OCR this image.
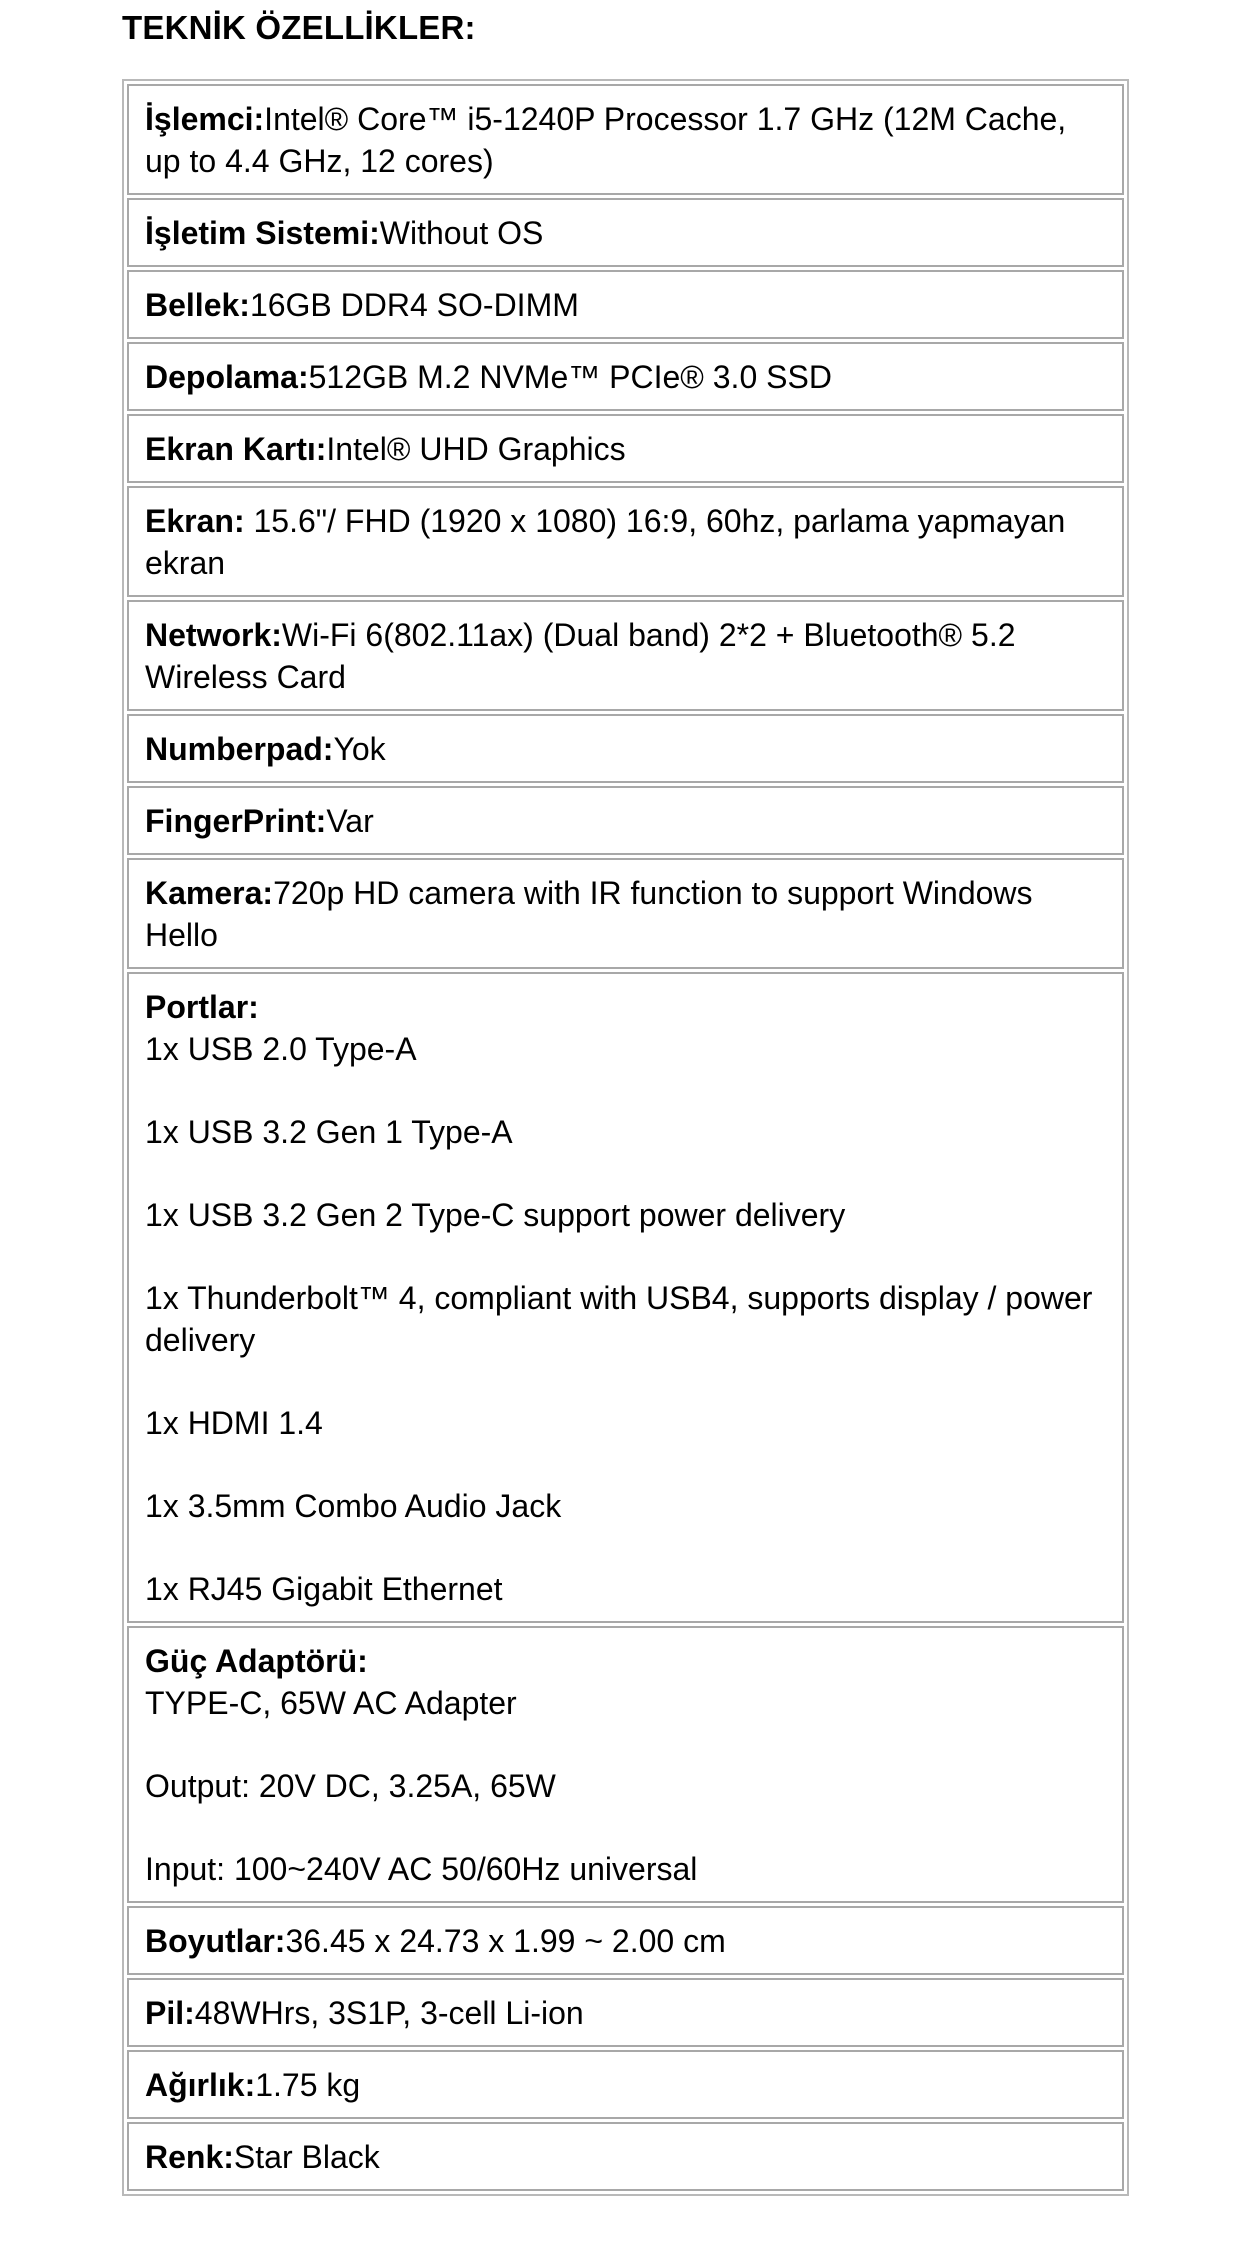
TEKNİK ÖZELLİKLER:
İşlemci:Intel® Core™ i5-1240P Processor 1.7 GHz (12M Cache, up to 4.4 GHz, 12 cores)
İşletim Sistemi:Without OS
Bellek:16GB DDR4 SO-DIMM
Depolama:512GB M.2 NVMe™ PCIe® 3.0 SSD
Ekran Kartı:Intel® UHD Graphics
Ekran: 15.6"/ FHD (1920 x 1080) 16:9, 60hz, parlama yapmayan ekran
Network:Wi-Fi 6(802.11ax) (Dual band) 2*2 + Bluetooth® 5.2 Wireless Card
Numberpad:Yok
FingerPrint:Var
Kamera:720p HD camera with IR function to support Windows Hello

Portlar:

1x USB 2.0 Type-A

1x USB 3.2 Gen 1 Type-A

1x USB 3.2 Gen 2 Type-C support power delivery

1x Thunderbolt™ 4, compliant with USB4, supports display / power delivery

1x HDMI 1.4

1x 3.5mm Combo Audio Jack

1x RJ45 Gigabit Ethernet

Güç Adaptörü:

TYPE-C, 65W AC Adapter

Output: 20V DC, 3.25A, 65W

Input: 100~240V AC 50/60Hz universal

Boyutlar:36.45 x 24.73 x 1.99 ~ 2.00 cm
Pil:48WHrs, 3S1P, 3-cell Li-ion
Ağırlık:1.75 kg
Renk:Star Black
